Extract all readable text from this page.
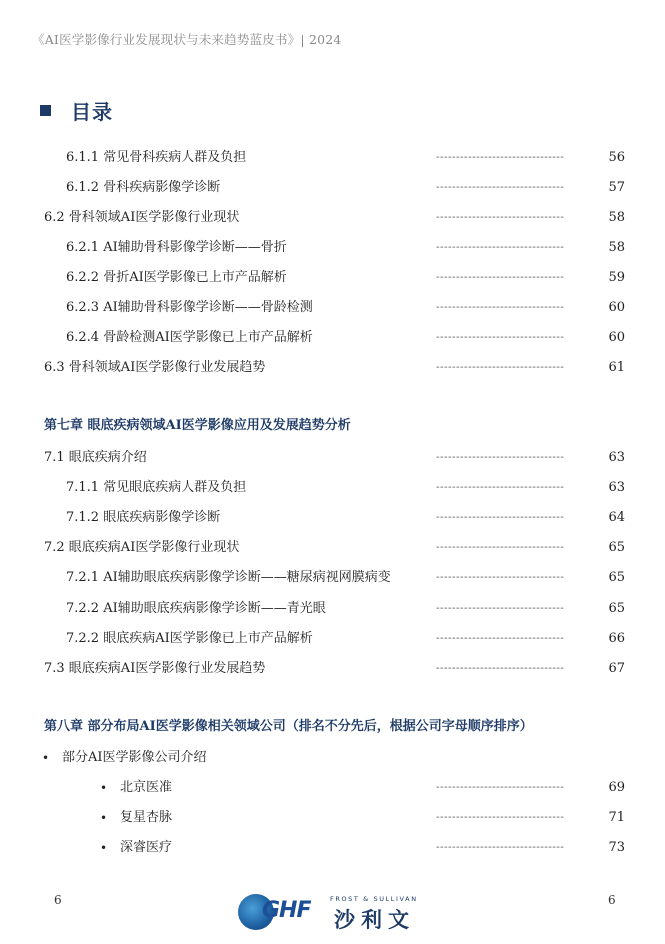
《AI医学影像行业发展现状与未来趋势蓝皮书》| 2024
目录
6.1.1 常见骨科疾病人群及负担	--------------------------------	56
6.1.2 骨科疾病影像学诊断	--------------------------------	57
6.2 骨科领域AI医学影像行业现状	--------------------------------	58
6.2.1 AI辅助骨科影像学诊断——骨折	--------------------------------	58
6.2.2 骨折AI医学影像已上市产品解析	--------------------------------	59
6.2.3 AI辅助骨科影像学诊断——骨龄检测	--------------------------------	60
6.2.4 骨龄检测AI医学影像已上市产品解析	--------------------------------	60
6.3 骨科领域AI医学影像行业发展趋势	--------------------------------	61
第七章 眼底疾病领域AI医学影像应用及发展趋势分析
7.1 眼底疾病介绍	--------------------------------	63
7.1.1 常见眼底疾病人群及负担	--------------------------------	63
7.1.2 眼底疾病影像学诊断	--------------------------------	64
7.2 眼底疾病AI医学影像行业现状	--------------------------------	65
7.2.1 AI辅助眼底疾病影像学诊断——糖尿病视网膜病变	--------------------------------	65
7.2.2 AI辅助眼底疾病影像学诊断——青光眼	--------------------------------	65
7.2.2 眼底疾病AI医学影像已上市产品解析	--------------------------------	66
7.3 眼底疾病AI医学影像行业发展趋势	--------------------------------	67
第八章 部分布局AI医学影像相关领域公司（排名不分先后，根据公司字母顺序排序）
• 部分AI医学影像公司介绍
• 北京医准	--------------------------------	69
• 复星杏脉	--------------------------------	71
• 深睿医疗	--------------------------------	73
6	6
GHF	FROST & SULLIVAN
沙利文
